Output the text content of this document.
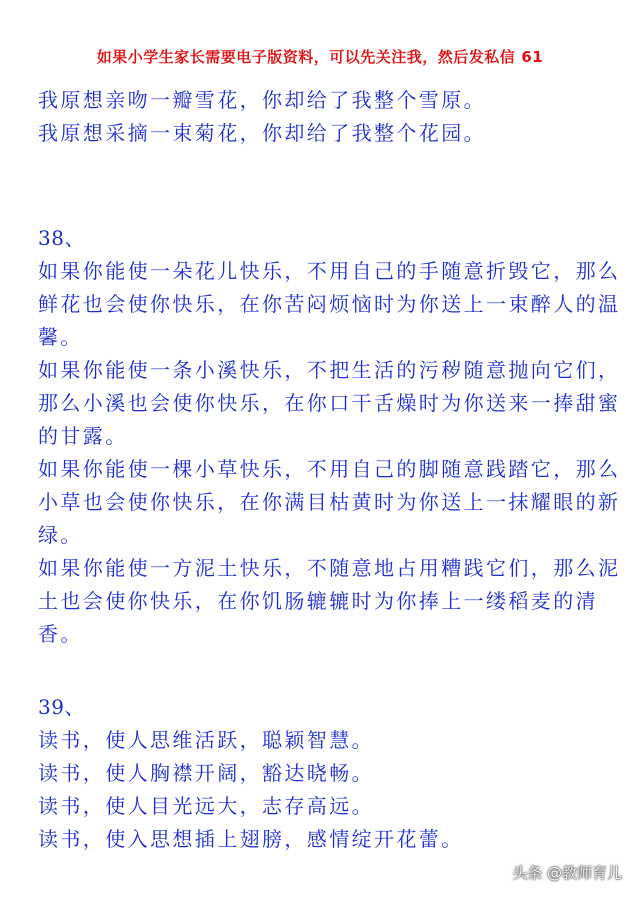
如果小学生家长需要电子版资料，可以先关注我，然后发私信 61
我原想亲吻一瓣雪花，你却给了我整个雪原。
我原想采摘一束菊花，你却给了我整个花园。
38、
如果你能使一朵花儿快乐，不用自己的手随意折毁它，那么
鲜花也会使你快乐，在你苦闷烦恼时为你送上一束醉人的温
馨。
如果你能使一条小溪快乐，不把生活的污秽随意抛向它们，
那么小溪也会使你快乐，在你口干舌燥时为你送来一捧甜蜜
的甘露。
如果你能使一棵小草快乐，不用自己的脚随意践踏它，那么
小草也会使你快乐，在你满目枯黄时为你送上一抹耀眼的新
绿。
如果你能使一方泥土快乐，不随意地占用糟践它们，那么泥
土也会使你快乐，在你饥肠辘辘时为你捧上一缕稻麦的清
香。
39、
读书，使人思维活跃，聪颖智慧。
读书，使人胸襟开阔，豁达晓畅。
读书，使人目光远大，志存高远。
读书，使入思想插上翅膀，感情绽开花蕾。
头条 @教师育儿
